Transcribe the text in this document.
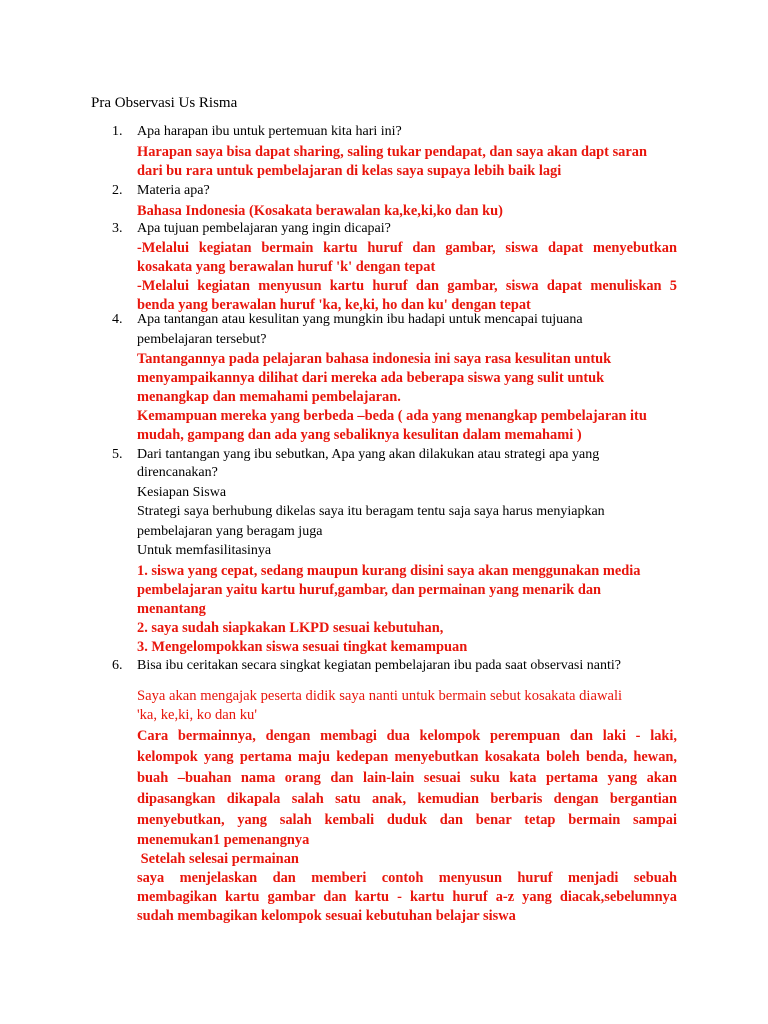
Pra Observasi Us Risma
1.	Apa harapan ibu untuk pertemuan kita hari ini?
Harapan saya bisa dapat sharing, saling tukar pendapat, dan saya akan dapt saran
dari bu rara untuk pembelajaran di kelas saya supaya lebih baik lagi
2.	Materia apa?
Bahasa Indonesia (Kosakata berawalan ka,ke,ki,ko dan ku)
3.	Apa tujuan pembelajaran yang ingin dicapai?
-Melalui kegiatan bermain kartu huruf dan gambar, siswa dapat menyebutkan
kosakata yang berawalan huruf 'k' dengan tepat
-Melalui kegiatan menyusun kartu huruf dan gambar, siswa dapat menuliskan 5
benda yang berawalan huruf 'ka, ke,ki, ho dan ku' dengan tepat
4.	Apa tantangan atau kesulitan yang mungkin ibu hadapi untuk mencapai tujuana
pembelajaran tersebut?
Tantangannya pada pelajaran bahasa indonesia ini saya rasa kesulitan untuk
menyampaikannya dilihat dari mereka ada beberapa siswa yang sulit untuk
menangkap dan memahami pembelajaran.
Kemampuan mereka yang berbeda –beda ( ada yang menangkap pembelajaran itu
mudah, gampang dan ada yang sebaliknya kesulitan dalam memahami )
5.	Dari tantangan yang ibu sebutkan, Apa yang akan dilakukan atau strategi apa yang
direncanakan?
Kesiapan Siswa
Strategi saya berhubung dikelas saya itu beragam tentu saja saya harus menyiapkan
pembelajaran yang beragam juga
Untuk memfasilitasinya
1. siswa yang cepat, sedang maupun kurang disini saya akan menggunakan media
pembelajaran yaitu kartu huruf,gambar, dan permainan yang menarik dan
menantang
2. saya sudah siapkakan LKPD sesuai kebutuhan,
3. Mengelompokkan siswa sesuai tingkat kemampuan
6.	Bisa ibu ceritakan secara singkat kegiatan pembelajaran ibu pada saat observasi nanti?
Saya akan mengajak peserta didik saya nanti untuk bermain sebut kosakata diawali
'ka, ke,ki, ko dan ku'
Cara bermainnya, dengan membagi dua kelompok perempuan dan laki - laki,
kelompok yang pertama maju kedepan menyebutkan kosakata boleh benda, hewan,
buah –buahan nama orang dan lain-lain sesuai suku kata pertama yang akan
dipasangkan dikapala salah satu anak, kemudian berbaris dengan bergantian
menyebutkan, yang salah kembali duduk dan benar tetap bermain sampai
menemukan1 pemenangnya
Setelah selesai permainan
saya menjelaskan dan memberi contoh menyusun huruf menjadi sebuah
membagikan kartu gambar dan kartu - kartu huruf a-z yang diacak,sebelumnya
sudah membagikan kelompok sesuai kebutuhan belajar siswa
